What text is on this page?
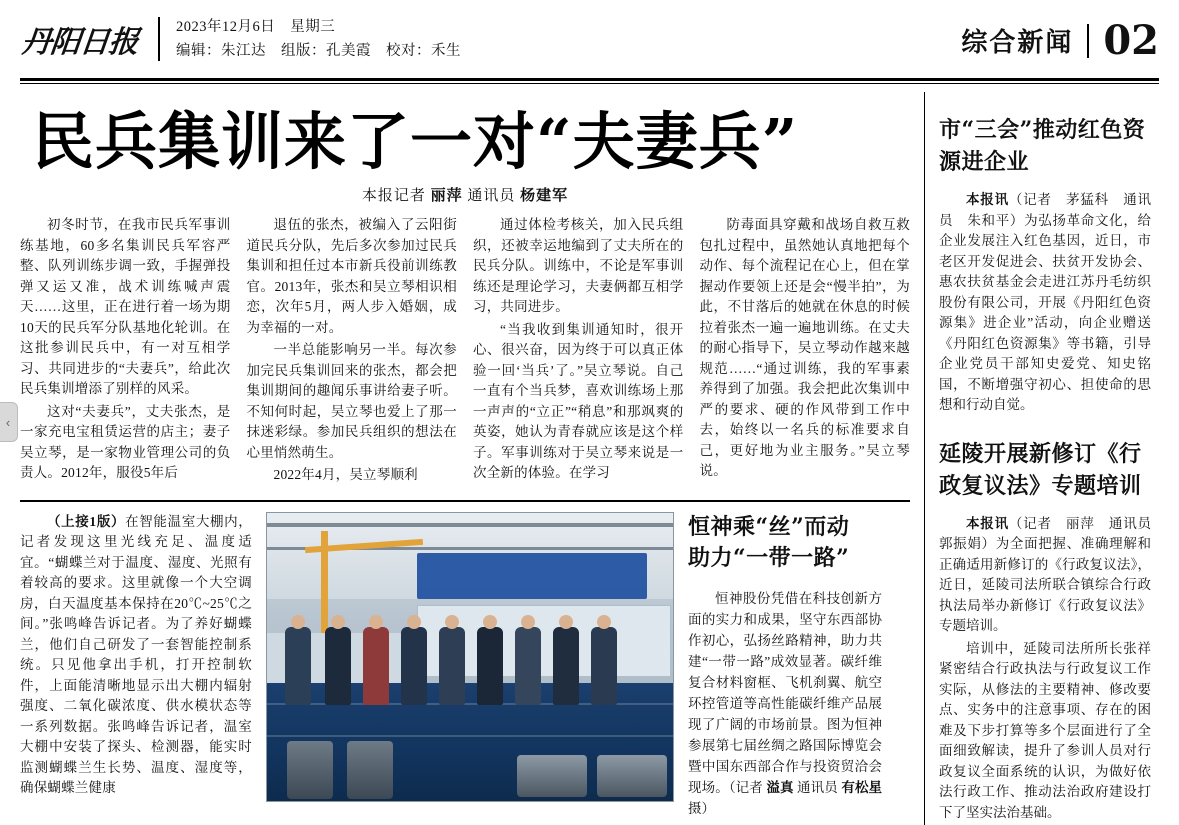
丹阳日报	2023年12月6日　星期三
编辑：朱江达　组版：孔美霞　校对：禾生	综合新闻 02
民兵集训来了一对“夫妻兵”
本报记者 丽萍 通讯员 杨建军

初冬时节，在我市民兵军事训练基地，60多名集训民兵军容严整、队列训练步调一致，手握弹投弹又运又准，战术训练喊声震天……这里，正在进行着一场为期10天的民兵军分队基地化轮训。在这批参训民兵中，有一对互相学习、共同进步的“夫妻兵”，给此次民兵集训增添了别样的风采。

这对“夫妻兵”，丈夫张杰，是一家充电宝租赁运营的店主；妻子吴立琴，是一家物业管理公司的负责人。2012年，服役5年后

退伍的张杰，被编入了云阳街道民兵分队，先后多次参加过民兵集训和担任过本市新兵役前训练教官。2013年，张杰和吴立琴相识相恋，次年5月，两人步入婚姻，成为幸福的一对。

一半总能影响另一半。每次参加完民兵集训回来的张杰，都会把集训期间的趣闻乐事讲给妻子听。不知何时起，吴立琴也爱上了那一抹迷彩绿。参加民兵组织的想法在心里悄然萌生。

2022年4月，吴立琴顺利

通过体检考核关，加入民兵组织，还被幸运地编到了丈夫所在的民兵分队。训练中，不论是军事训练还是理论学习，夫妻俩都互相学习，共同进步。

“当我收到集训通知时，很开心、很兴奋，因为终于可以真正体验一回‘当兵’了。”吴立琴说。自己一直有个当兵梦，喜欢训练场上那一声声的“立正”“稍息”和那飒爽的英姿，她认为青春就应该是这个样子。军事训练对于吴立琴来说是一次全新的体验。在学习

防毒面具穿戴和战场自救互救包扎过程中，虽然她认真地把每个动作、每个流程记在心上，但在掌握动作要领上还是会“慢半拍”，为此，不甘落后的她就在休息的时候拉着张杰一遍一遍地训练。在丈夫的耐心指导下，吴立琴动作越来越规范……“通过训练，我的军事素养得到了加强。我会把此次集训中严的要求、硬的作风带到工作中去，始终以一名兵的标准要求自己，更好地为业主服务。”吴立琴说。

（上接1版）在智能温室大棚内，记者发现这里光线充足、温度适宜。“蝴蝶兰对于温度、湿度、光照有着较高的要求。这里就像一个大空调房，白天温度基本保持在20℃~25℃之间。”张鸣峰告诉记者。为了养好蝴蝶兰，他们自己研发了一套智能控制系统。只见他拿出手机，打开控制软件，上面能清晰地显示出大棚内辐射强度、二氧化碳浓度、供水模状态等一系列数据。张鸣峰告诉记者，温室大棚中安装了探头、检测器，能实时监测蝴蝶兰生长势、温度、湿度等，确保蝴蝶兰健康

恒神乘“丝”而动
助力“一带一路”

恒神股份凭借在科技创新方面的实力和成果，坚守东西部协作初心，弘扬丝路精神，助力共建“一带一路”成效显著。碳纤维复合材料窗框、飞机刹翼、航空环控管道等高性能碳纤维产品展现了广阔的市场前景。图为恒神参展第七届丝绸之路国际博览会暨中国东西部合作与投资贸洽会现场。（记者 溢真 通讯员 有松星摄）

市“三会”推动红色资源进企业

本报讯（记者　茅猛科　通讯员　朱和平）为弘扬革命文化，给企业发展注入红色基因，近日，市老区开发促进会、扶贫开发协会、惠农扶贫基金会走进江苏丹毛纺织股份有限公司，开展《丹阳红色资源集》进企业”活动，向企业赠送《丹阳红色资源集》等书籍，引导企业党员干部知史爱党、知史铭国，不断增强守初心、担使命的思想和行动自觉。

延陵开展新修订《行政复议法》专题培训

本报讯（记者　丽萍　通讯员　郭振娟）为全面把握、准确理解和正确适用新修订的《行政复议法》，近日，延陵司法所联合镇综合行政执法局举办新修订《行政复议法》专题培训。

培训中，延陵司法所所长张祥紧密结合行政执法与行政复议工作实际，从修法的主要精神、修改要点、实务中的注意事项、存在的困难及下步打算等多个层面进行了全面细致解读，提升了参训人员对行政复议全面系统的认识，为做好依法行政工作、推动法治政府建设打下了坚实法治基础。

‹
